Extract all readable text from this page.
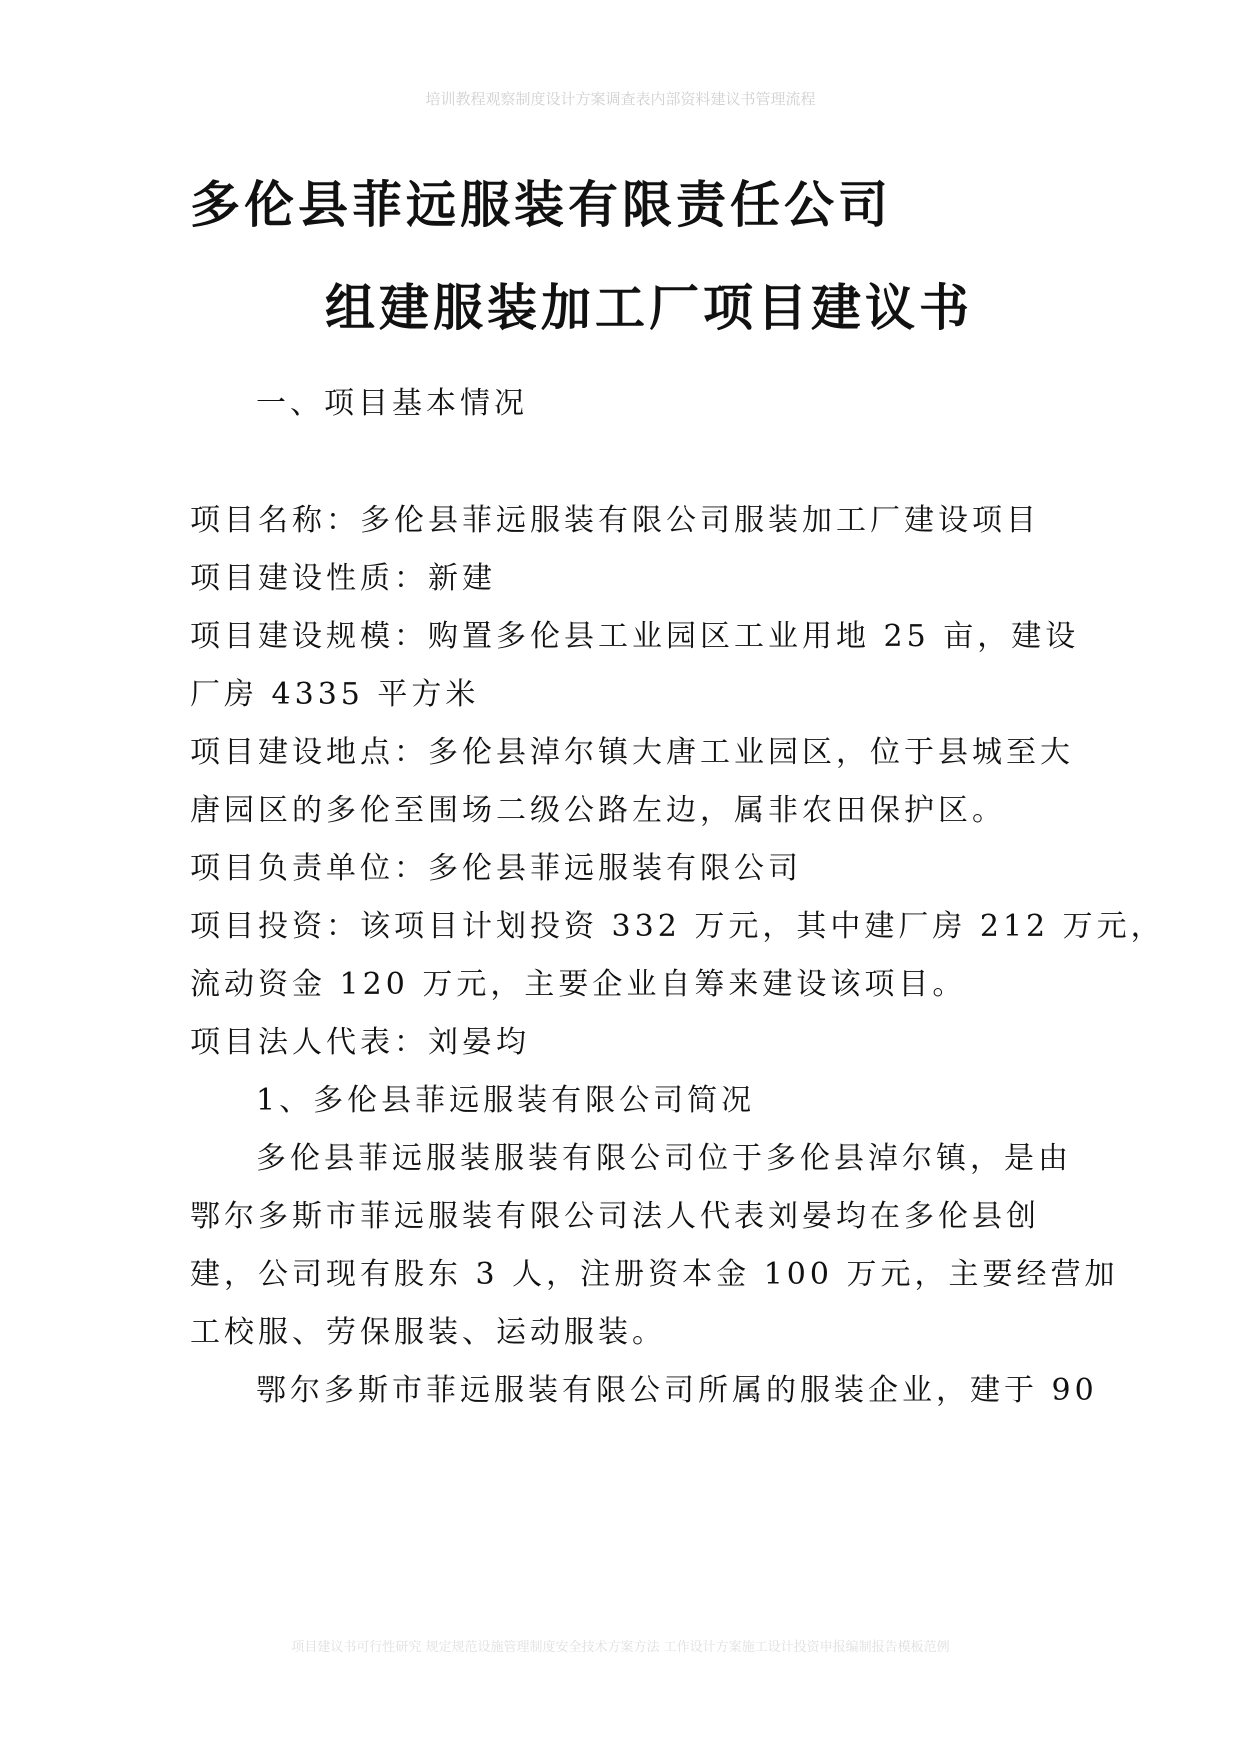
培训教程观察制度设计方案调查表内部资料建议书管理流程
多伦县菲远服装有限责任公司
组建服装加工厂项目建议书
一、项目基本情况
项目名称：多伦县菲远服装有限公司服装加工厂建设项目
项目建设性质：新建
项目建设规模：购置多伦县工业园区工业用地 25 亩，建设
厂房 4335 平方米
项目建设地点：多伦县淖尔镇大唐工业园区，位于县城至大
唐园区的多伦至围场二级公路左边，属非农田保护区。
项目负责单位：多伦县菲远服装有限公司
项目投资：该项目计划投资 332 万元，其中建厂房 212 万元，
流动资金 120 万元，主要企业自筹来建设该项目。
项目法人代表：刘晏均
1、多伦县菲远服装有限公司简况
多伦县菲远服装服装有限公司位于多伦县淖尔镇，是由
鄂尔多斯市菲远服装有限公司法人代表刘晏均在多伦县创
建，公司现有股东 3 人，注册资本金 100 万元，主要经营加
工校服、劳保服装、运动服装。
鄂尔多斯市菲远服装有限公司所属的服装企业，建于 90
项目建议书可行性研究 规定规范设施管理制度安全技术方案方法 工作设计方案施工设计投资申报编制报告模板范例
